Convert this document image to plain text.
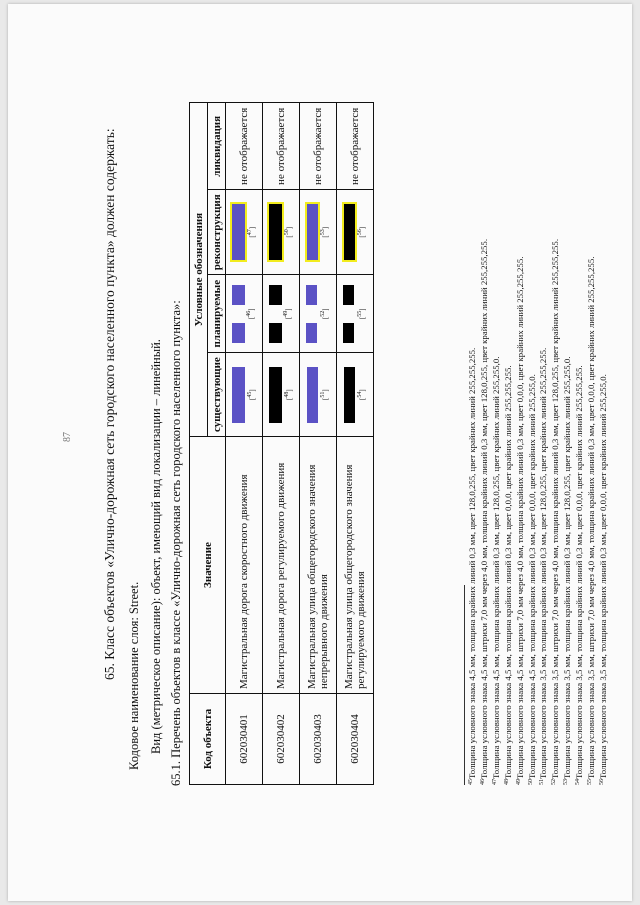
87 65. Класс объектов «Улично-дорожная сеть городского населенного пункта» должен содержать: Кодовое наименование слоя: Street. Вид (метрическое описание): объект, имеющий вид локализации – линейный. 65.1. Перечень объектов в классе «Улично-дорожная сеть городского населенного пункта»: Код объекта	Значение	Условные обозначения			
		существующие	планируемые	реконструкция	ликвидация
602030401	Магистральная дорога скоростного движения	[$^{45}$]	[$^{46}$]	[$^{47}$]	не отображается
602030402	Магистральная дорога регулируемого движения	[$^{48}$]	[$^{49}$]	[$^{50}$]	не отображается
602030403	Магистральная улица общегородского значения непрерывного движения	[$^{51}$]	[$^{52}$]	[$^{53}$]	не отображается
602030404	Магистральная улица общегородского значения регулируемого движения	[$^{54}$]	[$^{55}$]	[$^{56}$]	не отображается
$^{45}$Толщина условного знака 4,5 мм, толщина крайних линий 0,3 мм, цвет 128,0,255, цвет крайних линий 255,255,255.
$^{46}$Толщина условного знака 4,5 мм, штрихи 7,0 мм через 4,0 мм, толщина крайних линий 0,3 мм, цвет 128,0,255, цвет крайних линий 255,255,255.
$^{47}$Толщина условного знака 4,5 мм, толщина крайних линий 0,3 мм, цвет 128,0,255, цвет крайних линий 255,255,0.
$^{48}$Толщина условного знака 4,5 мм, толщина крайних линий 0,3 мм, цвет 0,0,0, цвет крайних линий 255,255,255.
$^{49}$Толщина условного знака 4,5 мм, штрихи 7,0 мм через 4,0 мм, толщина крайних линий 0,3 мм, цвет 0,0,0, цвет крайних линий 255,255,255.
$^{50}$Толщина условного знака 4,5 мм, толщина крайних линий 0,3 мм, цвет 0,0,0, цвет крайних линий 255,255,0.
$^{51}$Толщина условного знака 3,5 мм, толщина крайних линий 0,3 мм, цвет 128,0,255, цвет крайних линий 255,255,255.
$^{52}$Толщина условного знака 3,5 мм, штрихи 7,0 мм через 4,0 мм, толщина крайних линий 0,3 мм, цвет 128,0,255, цвет крайних линий 255,255,255.
$^{53}$Толщина условного знака 3,5 мм, толщина крайних линий 0,3 мм, цвет 128,0,255, цвет крайних линий 255,255,0.
$^{54}$Толщина условного знака 3,5 мм, толщина крайних линий 0,3 мм, цвет 0,0,0, цвет крайних линий 255,255,255.
$^{55}$Толщина условного знака 3,5 мм, штрихи 7,0 мм через 4,0 мм, толщина крайних линий 0,3 мм, цвет 0,0,0, цвет крайних линий 255,255,255.
$^{56}$Толщина условного знака 3,5 мм, толщина крайних линий 0,3 мм, цвет 0,0,0, цвет крайних линий 255,255,0.
